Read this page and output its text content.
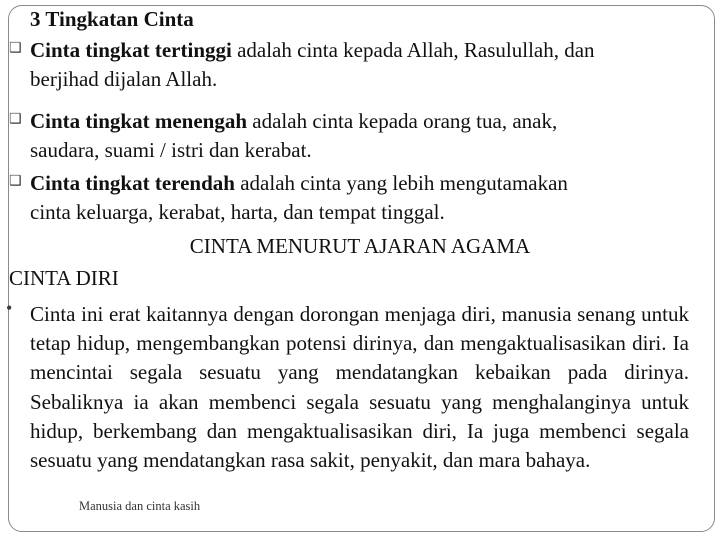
3 Tingkatan Cinta
❑ Cinta tingkat tertinggi adalah cinta kepada Allah, Rasulullah, dan
berjihad dijalan Allah.
❑ Cinta tingkat menengah adalah cinta kepada orang tua, anak,
saudara, suami / istri dan kerabat.
❑ Cinta tingkat terendah adalah cinta yang lebih mengutamakan
cinta keluarga, kerabat, harta, dan tempat tinggal.
CINTA MENURUT AJARAN AGAMA
CINTA DIRI
• Cinta ini erat kaitannya dengan dorongan menjaga diri, manusia senang untuk tetap hidup, mengembangkan potensi dirinya, dan mengaktualisasikan diri. Ia mencintai segala sesuatu yang mendatangkan kebaikan pada dirinya. Sebaliknya ia akan membenci segala sesuatu yang menghalanginya untuk hidup, berkembang dan mengaktualisasikan diri, Ia juga membenci segala sesuatu yang mendatangkan rasa sakit, penyakit, dan mara bahaya.
Manusia dan cinta kasih
